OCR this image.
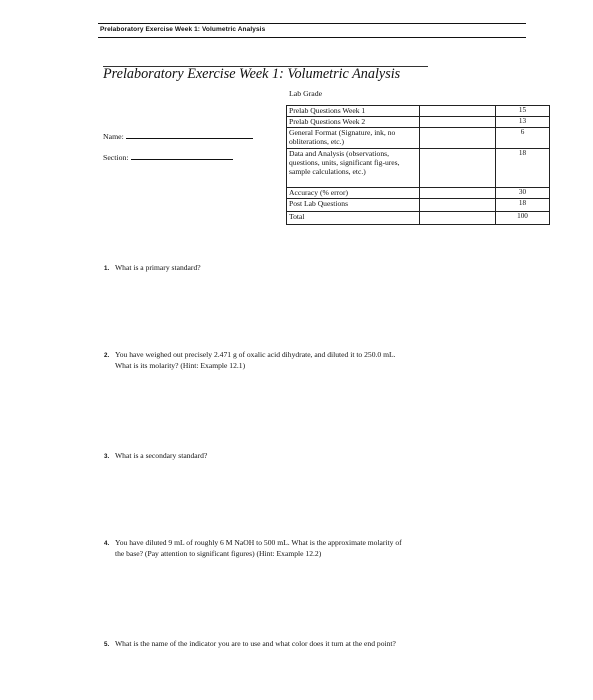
Prelaboratory Exercise Week 1: Volumetric Analysis
Prelaboratory Exercise Week 1: Volumetric Analysis
Lab Grade
Name:
Section:
Prelab Questions Week 1		15
Prelab Questions Week 2		13
General Format (Signature, ink, no obliterations, etc.)		6
Data and Analysis (observations, questions, units, significant fig-ures, sample calculations, etc.)		18
Accuracy (% error)		30
Post Lab Questions		18
Total		100
1. What is a primary standard?
2. You have weighed out precisely 2.471 g of oxalic acid dihydrate, and diluted it to 250.0 mL.
What is its molarity? (Hint: Example 12.1)
3. What is a secondary standard?
4. You have diluted 9 mL of roughly 6 M NaOH to 500 mL. What is the approximate molarity of
the base? (Pay attention to significant figures) (Hint: Example 12.2)
5. What is the name of the indicator you are to use and what color does it turn at the end point?
